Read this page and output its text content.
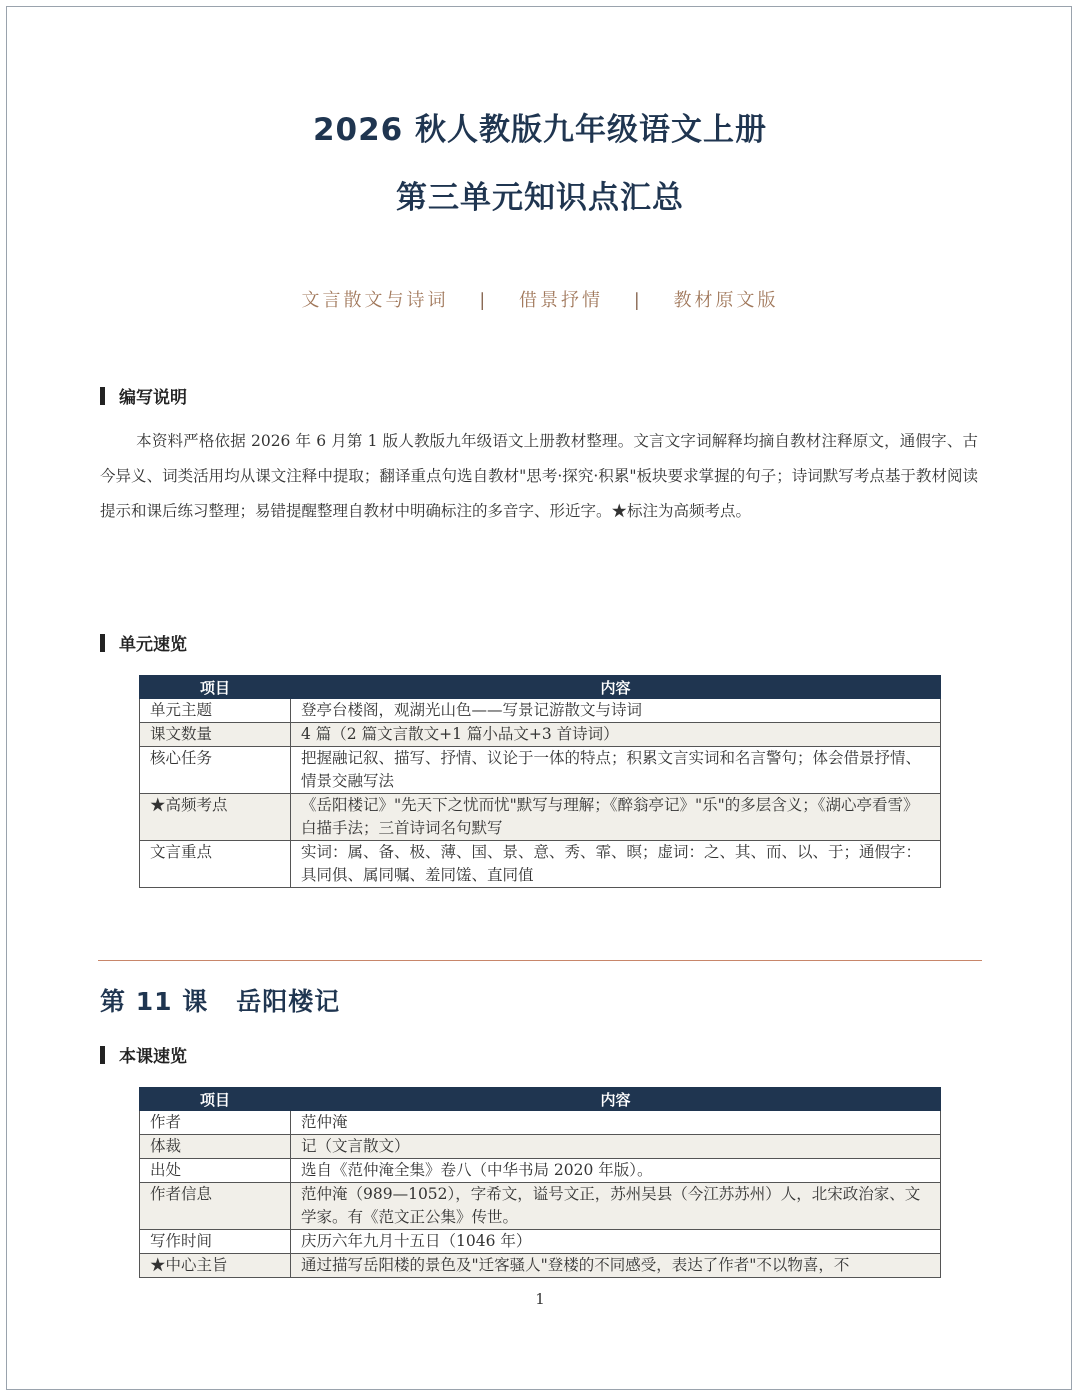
2026 秋人教版九年级语文上册
第三单元知识点汇总
文言散文与诗词 | 借景抒情 | 教材原文版
编写说明
本资料严格依据 2026 年 6 月第 1 版人教版九年级语文上册教材整理。文言文字词解释均摘自教材注释原文，通假字、古今异义、词类活用均从课文注释中提取；翻译重点句选自教材"思考·探究·积累"板块要求掌握的句子；诗词默写考点基于教材阅读提示和课后练习整理；易错提醒整理自教材中明确标注的多音字、形近字。★标注为高频考点。
单元速览
项目	内容
单元主题	登亭台楼阁，观湖光山色——写景记游散文与诗词
课文数量	4 篇（2 篇文言散文+1 篇小品文+3 首诗词）
核心任务	把握融记叙、描写、抒情、议论于一体的特点；积累文言实词和名言警句；体会借景抒情、情景交融写法
★高频考点	《岳阳楼记》"先天下之忧而忧"默写与理解；《醉翁亭记》"乐"的多层含义；《湖心亭看雪》白描手法；三首诗词名句默写
文言重点	实词：属、备、极、薄、国、景、意、秀、霏、暝；虚词：之、其、而、以、于；通假字：具同俱、属同嘱、羞同馐、直同值
第 11 课 岳阳楼记
本课速览
项目	内容
作者	范仲淹
体裁	记（文言散文）
出处	选自《范仲淹全集》卷八（中华书局 2020 年版）。
作者信息	范仲淹（989—1052），字希文，谥号文正，苏州吴县（今江苏苏州）人，北宋政治家、文学家。有《范文正公集》传世。
写作时间	庆历六年九月十五日（1046 年）
★中心主旨	通过描写岳阳楼的景色及"迁客骚人"登楼的不同感受，表达了作者"不以物喜，不
1
